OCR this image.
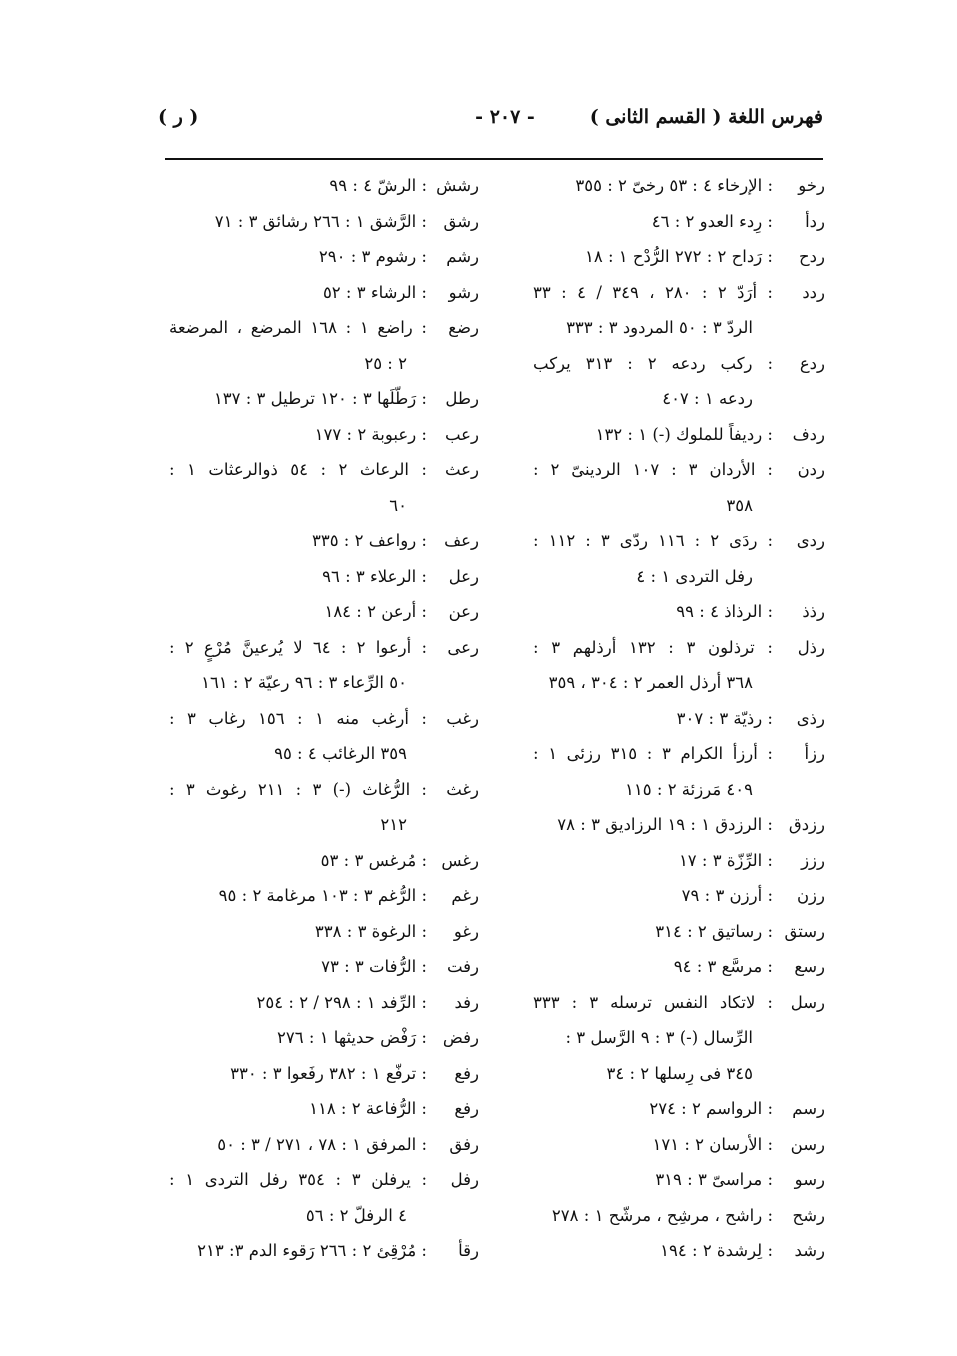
فهرس اللغة ( القسم الثانى )
- ٢٠٧ -
( ر )
رخو
: الإرخاء ٤ : ٥٣ رخىّ ٢ : ٣٥٥
ردأ
: رِدء العدو ٢ : ٤٦
ردح
: رَداح ٢ : ٢٧٢ الرُّدْح ١ : ١٨
ردد
: أرَدّ ٢ : ٢٨٠ ، ٣٤٩ / ٤ : ٣٣
الردّ ٣ : ٥٠ المردود ٣ : ٣٣٣
ردع
: ركب ردعه ٢ : ٣١٣ يركب
ردعه ١ : ٤٠٧
ردف
: رديفاً للملوك (-) ١ : ١٣٢
ردن
: الأردان ٣ : ١٠٧ الردينىّ ٢ :
٣٥٨
ردى
: ردَى ٢ : ١١٦ ردّى ٣ : ١١٢ :
رفل التردى ١ : ٤
رذذ
: الرذاذ ٤ : ٩٩
رذل
: ترذلون ٣ : ١٣٢ أرذلهم ٣ :
٣٦٨ أرذل العمر ٢ : ٣٠٤ ، ٣٥٩
رذى
: رذيّة ٣ : ٣٠٧
رزأ
: أرزأ الكرام ٣ : ٣١٥ رزئى ١ :
٤٠٩ مَرزئة ٢ : ١١٥
رزدق
: الرزدق ١ : ١٩ الرزاديق ٣ : ٧٨
رزز
: الرِّزّة ٣ : ١٧
رزن
: أرزن ٣ : ٧٩
رستق
: رساتيق ٢ : ٣١٤
رسع
: مرسَّع ٣ : ٩٤
رسل
: لاتكاد النفس ترسله ٣ : ٣٣٣
الرِّسال (-) ٣ : ٩ الرَّسل ٣ :
٣٤٥ فى رِسلها ٢ : ٣٤
رسم
: الرواسم ٢ : ٢٧٤
رسن
: الأرسان ٢ : ١٧١
رسو
: مراسىّ ٣ : ٣١٩
رشح
: راشح ، مرشِح ، مرشّح ١ : ٢٧٨
رشد
: لِرشدة ٢ : ١٩٤
رشش
: الرشّ ٤ : ٩٩
رشق
: الرَّشق ١ : ٢٦٦ رشائق ٣ : ٧١
رشم
: رشوم ٣ : ٢٩٠
رشو
: الرشاء ٣ : ٥٢
رضع
: راضع ١ : ١٦٨ المرضع ، المرضعة
٢ : ٢٥
رطل
: رَطّلَها ٣ : ١٢٠ ترطيل ٣ : ١٣٧
رعب
: رعبوبة ٢ : ١٧٧
رعث
: الرعاث ٢ : ٥٤ ذوالرعثات ١ :
٦٠
رعف
: رواعف ٢ : ٣٣٥
رعل
: الرعلاء ٣ : ٩٦
رعن
: أرعن ٢ : ١٨٤
رعى
: أرعوا ٢ : ٦٤ لا يُرعينَّ مُرْعٍ ٢ :
٥٠ الرِّعاء ٣ : ٩٦ رعيّة ٢ : ١٦١
رغب
: أرغب منه ١ : ١٥٦ رغاب ٣ :
٣٥٩ الرغائب ٤ : ٩٥
رغث
: الرُّغاث (-) ٣ : ٢١١ رغوث ٣ :
٢١٢
رغس
: مُرغس ٣ : ٥٣
رغم
: الرُّغم ٣ : ١٠٣ مرغامة ٢ : ٩٥
رغو
: الرغوة ٣ : ٣٣٨
رفت
: الرُّفات ٣ : ٧٣
رفد
: الرِّفد ١ : ٢٩٨ / ٢ : ٢٥٤
رفض
: رَفْض حديثها ١ : ٢٧٦
رفع
: ترفّع ١ : ٣٨٢ رفَعوا ٣ : ٣٣٠
رفع
: الرُّفاعة ٢ : ١١٨
رفق
: المرفق ١ : ٧٨ ، ٢٧١ / ٣ : ٥٠
رفل
: يرفلن ٣ : ٣٥٤ رفل التردى ١ :
٤ الرفلّ ٢ : ٥٦
رقأ
: مُرْقِئ ٢ : ٢٦٦ رَقوء الدم ٣: ٢١٣
